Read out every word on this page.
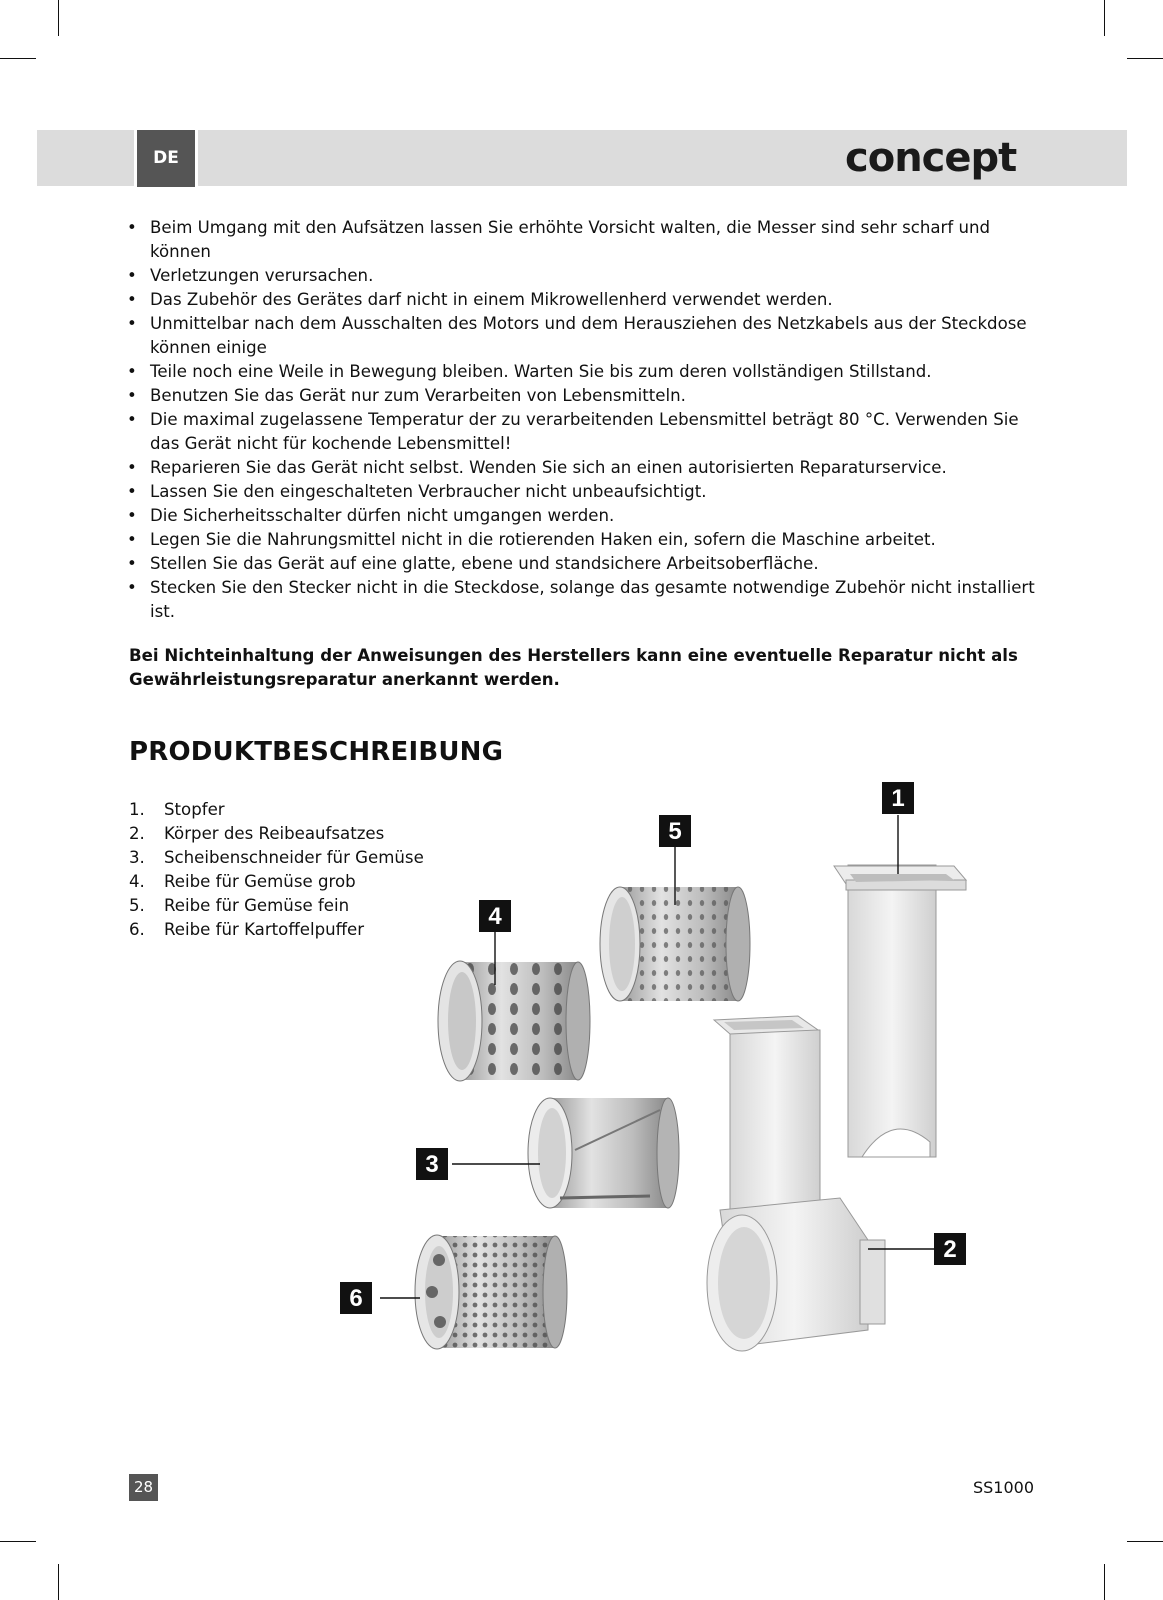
DE	concept
• Beim Umgang mit den Aufsätzen lassen Sie erhöhte Vorsicht walten, die Messer sind sehr scharf und können
• Verletzungen verursachen.
• Das Zubehör des Gerätes darf nicht in einem Mikrowellenherd verwendet werden.
• Unmittelbar nach dem Ausschalten des Motors und dem Herausziehen des Netzkabels aus der Steckdose können einige
• Teile noch eine Weile in Bewegung bleiben. Warten Sie bis zum deren vollständigen Stillstand.
• Benutzen Sie das Gerät nur zum Verarbeiten von Lebensmitteln.
• Die maximal zugelassene Temperatur der zu verarbeitenden Lebensmittel beträgt 80 °C. Verwenden Sie das Gerät nicht für kochende Lebensmittel!
• Reparieren Sie das Gerät nicht selbst. Wenden Sie sich an einen autorisierten Reparaturservice.
• Lassen Sie den eingeschalteten Verbraucher nicht unbeaufsichtigt.
• Die Sicherheitsschalter dürfen nicht umgangen werden.
• Legen Sie die Nahrungsmittel nicht in die rotierenden Haken ein, sofern die Maschine arbeitet.
• Stellen Sie das Gerät auf eine glatte, ebene und standsichere Arbeitsoberfläche.
• Stecken Sie den Stecker nicht in die Steckdose, solange das gesamte notwendige Zubehör nicht installiert ist.

Bei Nichteinhaltung der Anweisungen des Herstellers kann eine eventuelle Reparatur nicht als Gewährleistungsreparatur anerkannt werden.

PRODUKTBESCHREIBUNG
1.	Stopfer
2.	Körper des Reibeaufsatzes
3.	Scheibenschneider für Gemüse
4.	Reibe für Gemüse grob
5.	Reibe für Gemüse fein
6.	Reibe für Kartoffelpuffer
1
2
3
4
5
6
28	SS1000
